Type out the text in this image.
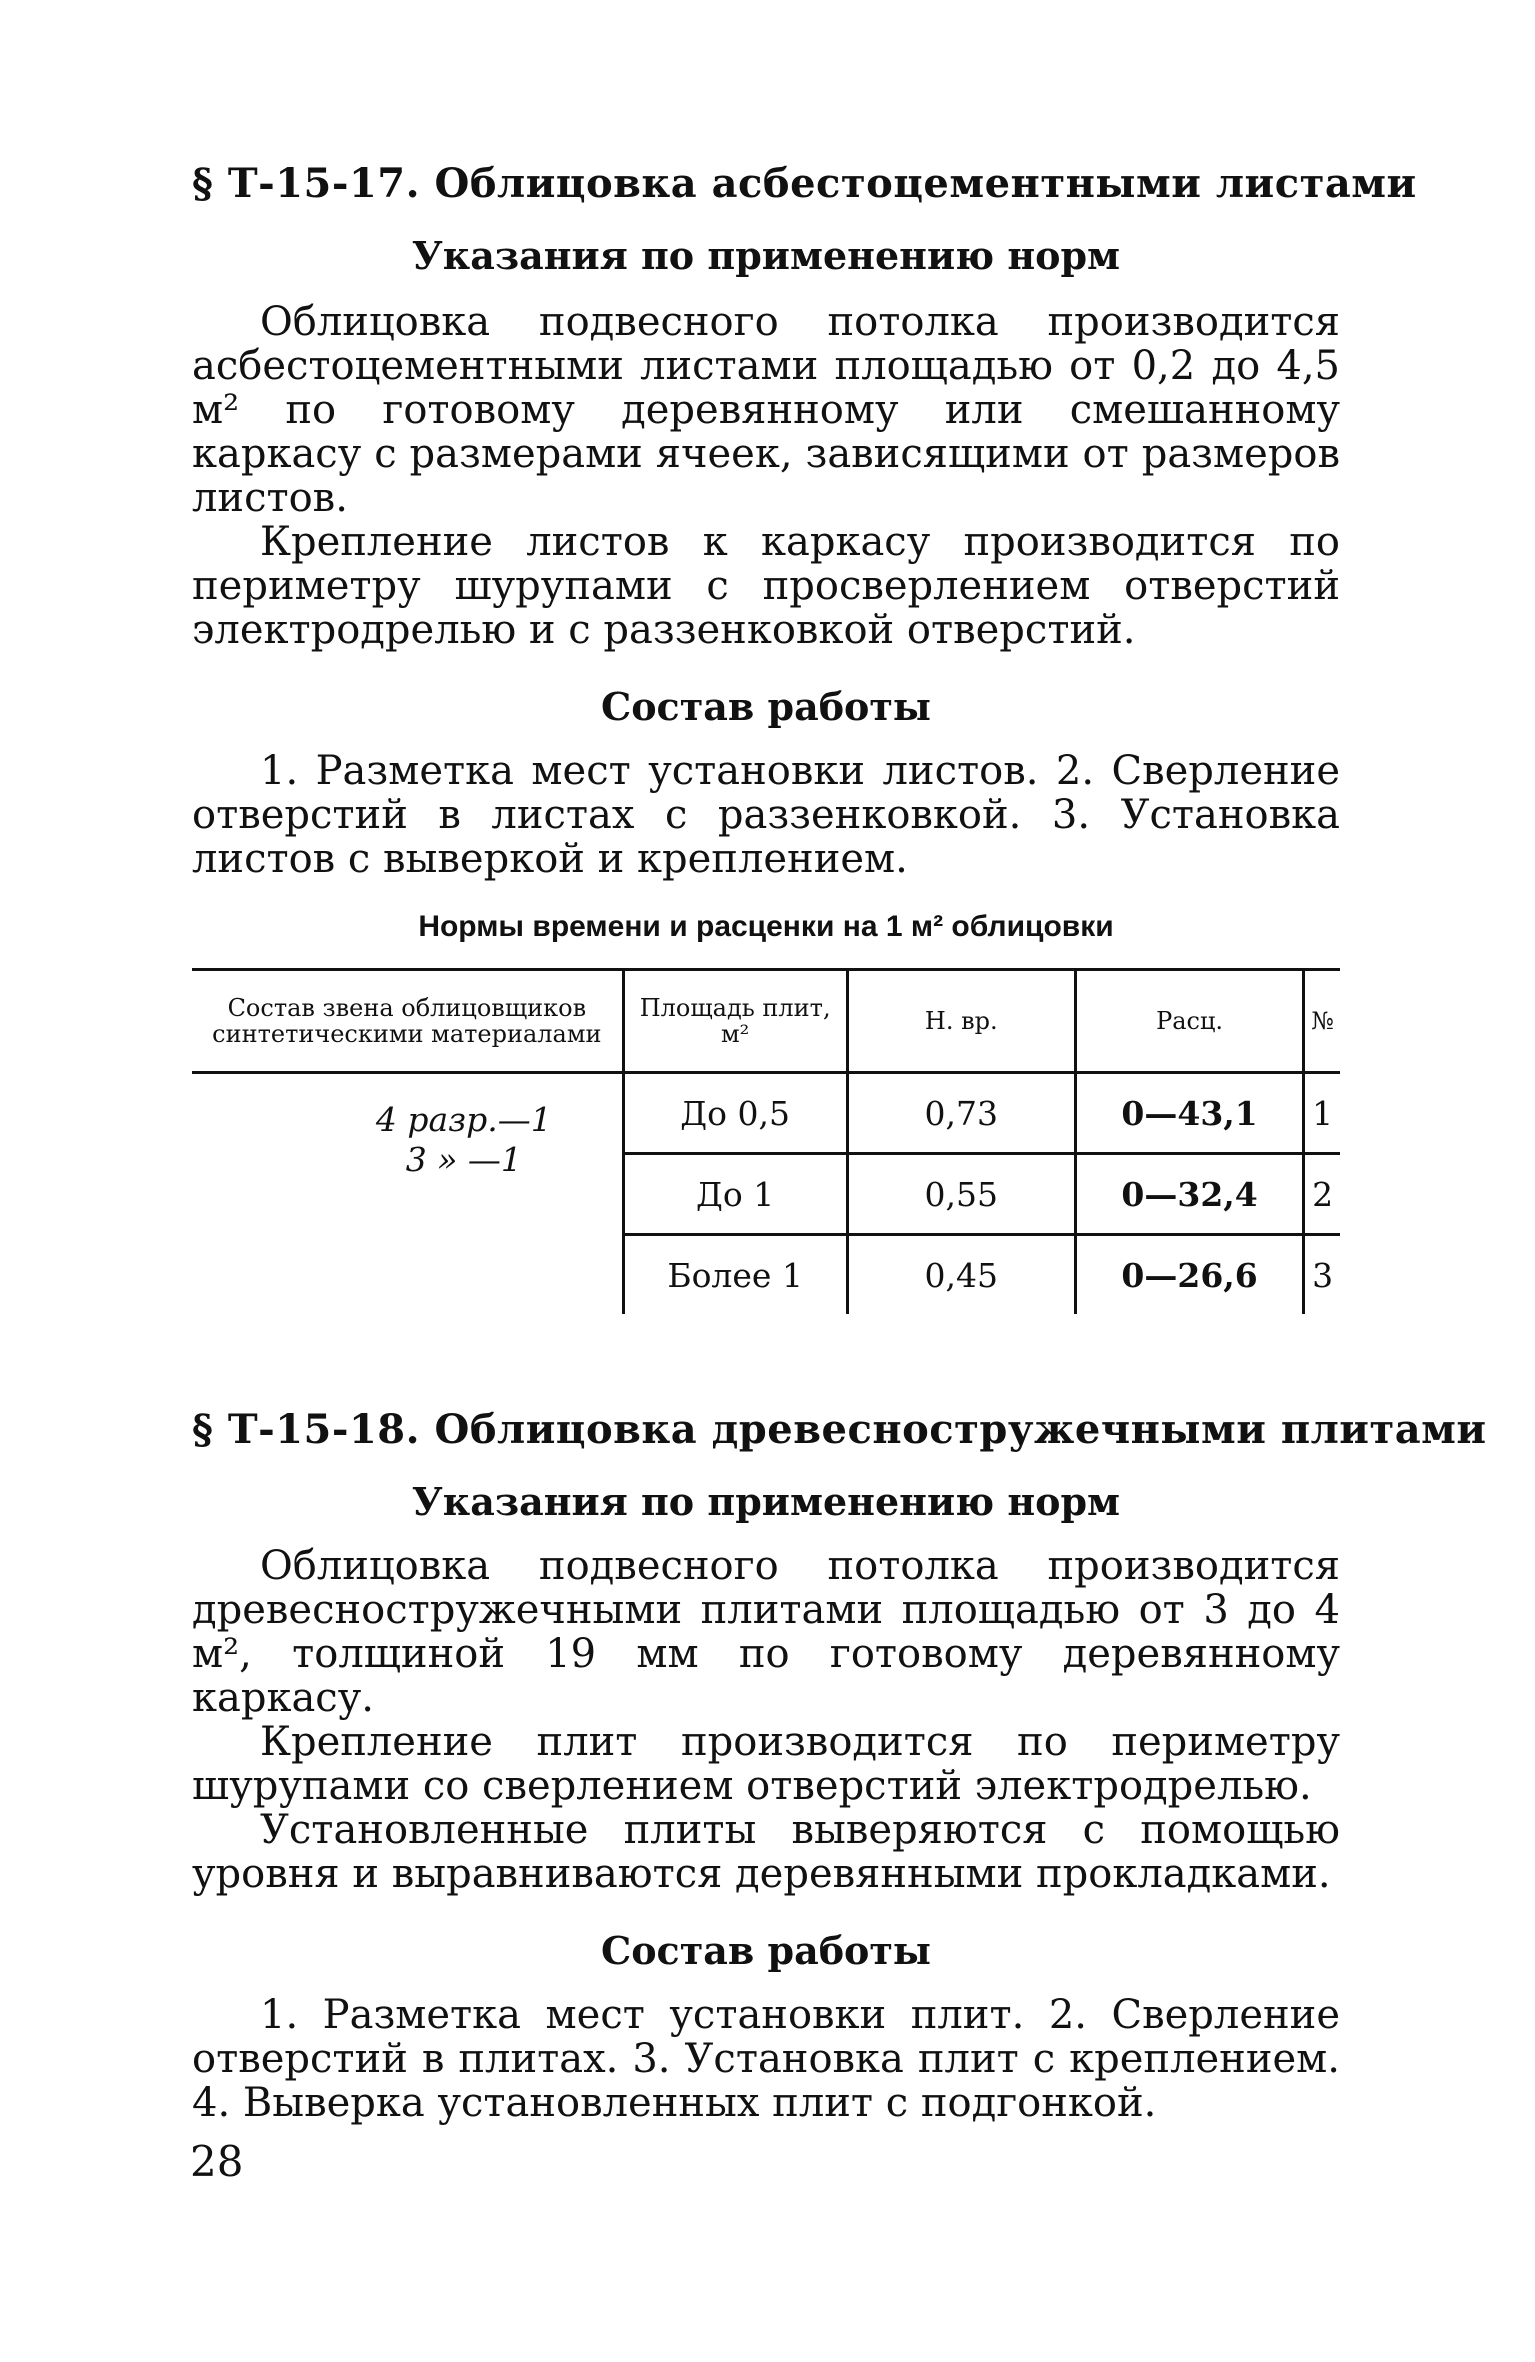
§ Т-15-17. Облицовка асбестоцементными листами
Указания по применению норм

Облицовка подвесного потолка производится асбестоцементными листами площадью от 0,2 до 4,5 м² по готовому деревянному или смешанному каркасу с размерами ячеек, зависящими от размеров листов.

Крепление листов к каркасу производится по периметру шурупами с просверлением отверстий электродрелью и с раззенковкой отверстий.

Состав работы

1. Разметка мест установки листов. 2. Сверление отверстий в листах с раззенковкой. 3. Установка листов с выверкой и креплением.

Нормы времени и расценки на 1 м² облицовки

Состав звена облицовщиков синтетическими материалами	Площадь плит, м²	Н. вр.	Расц.	№

4 разр.—1
3 » —1	До 0,5	0,73	0—43,1	1
	До 1	0,55	0—32,4	2
	Более 1	0,45	0—26,6	3
§ Т-15-18. Облицовка древесностружечными плитами
Указания по применению норм

Облицовка подвесного потолка производится древесностружечными плитами площадью от 3 до 4 м², толщиной 19 мм по готовому деревянному каркасу.

Крепление плит производится по периметру шурупами со сверлением отверстий электродрелью.

Установленные плиты выверяются с помощью уровня и выравниваются деревянными прокладками.

Состав работы

1. Разметка мест установки плит. 2. Сверление отверстий в плитах. 3. Установка плит с креплением. 4. Выверка установленных плит с подгонкой.

28
